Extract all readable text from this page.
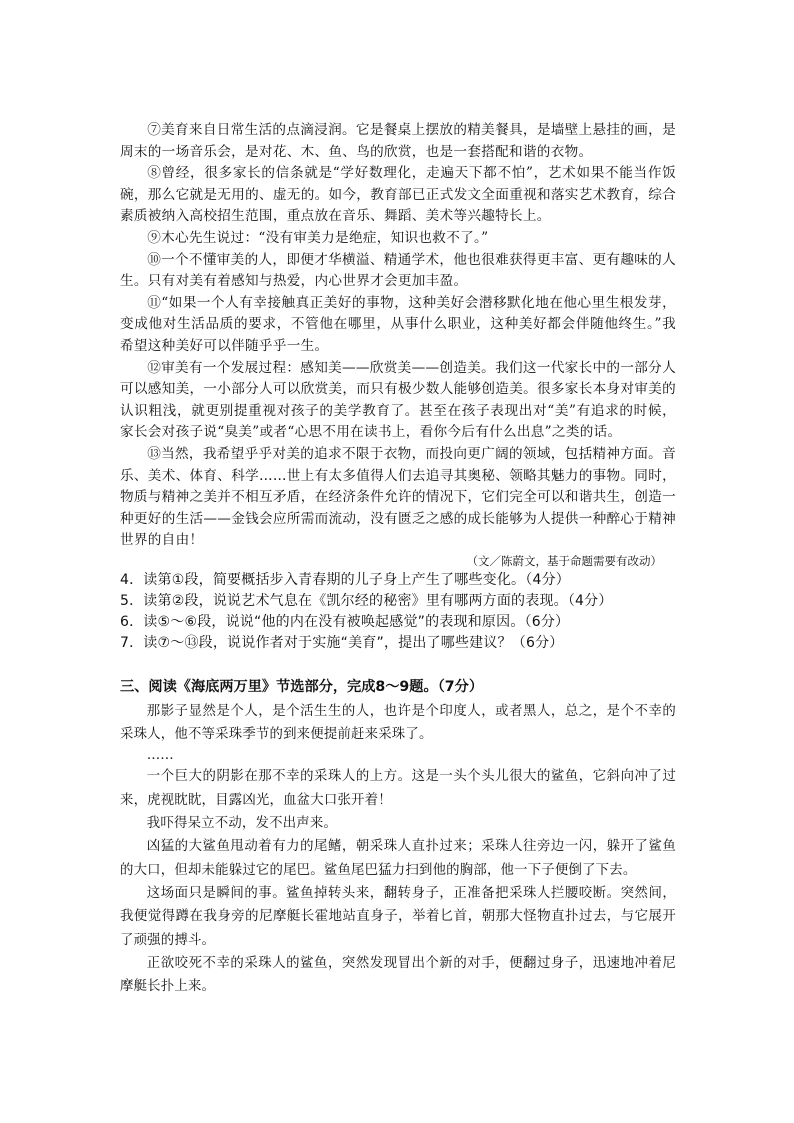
⑦美育来自日常生活的点滴浸润。它是餐桌上摆放的精美餐具，是墙壁上悬挂的画，是周末的一场音乐会，是对花、木、鱼、鸟的欣赏，也是一套搭配和谐的衣物。

⑧曾经，很多家长的信条就是“学好数理化，走遍天下都不怕”，艺术如果不能当作饭碗，那么它就是无用的、虚无的。如今，教育部已正式发文全面重视和落实艺术教育，综合素质被纳入高校招生范围，重点放在音乐、舞蹈、美术等兴趣特长上。

⑨木心先生说过：“没有审美力是绝症，知识也救不了。”

⑩一个不懂审美的人，即便才华横溢、精通学术，他也很难获得更丰富、更有趣味的人生。只有对美有着感知与热爱，内心世界才会更加丰盈。

⑪“如果一个人有幸接触真正美好的事物，这种美好会潜移默化地在他心里生根发芽，变成他对生活品质的要求，不管他在哪里，从事什么职业，这种美好都会伴随他终生。”我希望这种美好可以伴随乎乎一生。

⑫审美有一个发展过程：感知美——欣赏美——创造美。我们这一代家长中的一部分人可以感知美，一小部分人可以欣赏美，而只有极少数人能够创造美。很多家长本身对审美的认识粗浅，就更别提重视对孩子的美学教育了。甚至在孩子表现出对“美”有追求的时候，家长会对孩子说“臭美”或者“心思不用在读书上，看你今后有什么出息”之类的话。

⑬当然，我希望乎乎对美的追求不限于衣物，而投向更广阔的领域，包括精神方面。音乐、美术、体育、科学……世上有太多值得人们去追寻其奥秘、领略其魅力的事物。同时，物质与精神之美并不相互矛盾，在经济条件允许的情况下，它们完全可以和谐共生，创造一种更好的生活——金钱会应所需而流动，没有匮乏之感的成长能够为人提供一种醉心于精神世界的自由！

（文／陈蔚文，基于命题需要有改动）

4．读第①段，简要概括步入青春期的儿子身上产生了哪些变化。（4分）

5．读第②段，说说艺术气息在《凯尔经的秘密》里有哪两方面的表现。（4分）

6．读⑤～⑥段，说说“他的内在没有被唤起感觉”的表现和原因。（6分）

7．读⑦～⑬段，说说作者对于实施“美育”，提出了哪些建议？（6分）

三、阅读《海底两万里》节选部分，完成8～9题。（7分）

那影子显然是个人，是个活生生的人，也许是个印度人，或者黑人，总之，是个不幸的采珠人，他不等采珠季节的到来便提前赶来采珠了。

……

一个巨大的阴影在那不幸的采珠人的上方。这是一头个头儿很大的鲨鱼，它斜向冲了过来，虎视眈眈，目露凶光，血盆大口张开着！

我吓得呆立不动，发不出声来。

凶猛的大鲨鱼甩动着有力的尾鳍，朝采珠人直扑过来；采珠人往旁边一闪，躲开了鲨鱼的大口，但却未能躲过它的尾巴。鲨鱼尾巴猛力扫到他的胸部，他一下子便倒了下去。

这场面只是瞬间的事。鲨鱼掉转头来，翻转身子，正准备把采珠人拦腰咬断。突然间，我便觉得蹲在我身旁的尼摩艇长霍地站直身子，举着匕首，朝那大怪物直扑过去，与它展开了顽强的搏斗。

正欲咬死不幸的采珠人的鲨鱼，突然发现冒出个新的对手，便翻过身子，迅速地冲着尼摩艇长扑上来。
